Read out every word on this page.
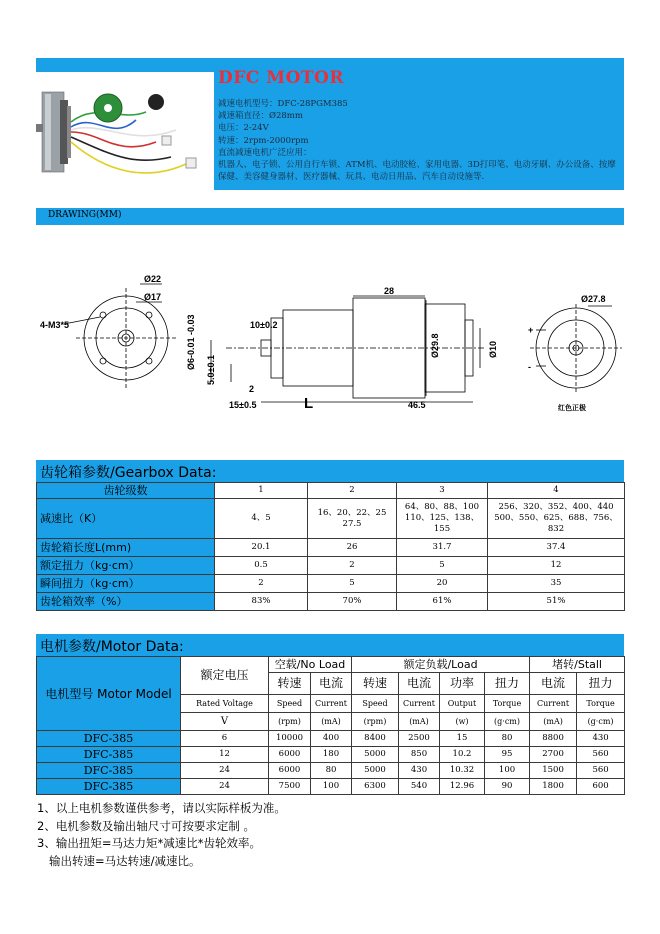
DFC MOTOR
减速电机型号：DFC-28PGM385
减速箱直径：Ø28mm
电压：2-24V
转速：2rpm-2000rpm
直流减速电机广泛应用：
机器人、电子锁、公用自行车锁、ATM机、电动胶枪、家用电器、3D打印笔、电动牙刷、办公设备、按摩保健、美容健身器材、医疗器械、玩具、电动日用品、汽车自动设施等.
DRAWING(MM)
Ø22
Ø17
4-M3*5	10±0.2
Ø6-0.01 -0.03
5.0±0.1
2
15±0.5	L
28
Ø29.8	Ø10
46.5
Ø27.8
+
-
红色正极
齿轮箱参数/Gearbox Data:
齿轮级数	1	2	3	4
减速比（K）	4、5	16、20、22、25 27.5	64、80、88、100 110、125、138、155	256、320、352、400、440 500、550、625、688、756、832
齿轮箱长度L(mm)	20.1	26	31.7	37.4
额定扭力（kg·cm）	0.5	2	5	12
瞬间扭力（kg·cm）	2	5	20	35
齿轮箱效率（%）	83%	70%	61%	51%
电机参数/Motor Data:
电机型号 Motor Model	额定电压	空载/No Load		额定负载/Load				堵转/Stall	
		转速	电流	转速	电流	功率	扭力	电流	扭力
	Rated Voltage	Speed	Current	Speed	Current	Output	Torque	Current	Torque
	V	(rpm)	(mA)	(rpm)	(mA)	(w)	(g·cm)	(mA)	(g·cm)
DFC-385	6	10000	400	8400	2500	15	80	8800	430
DFC-385	12	6000	180	5000	850	10.2	95	2700	560
DFC-385	24	6000	80	5000	430	10.32	100	1500	560
DFC-385	24	7500	100	6300	540	12.96	90	1800	600
1、以上电机参数谨供参考，请以实际样板为准。
2、电机参数及输出轴尺寸可按要求定制 。
3、输出扭矩=马达力矩*减速比*齿轮效率。
输出转速=马达转速/减速比。
